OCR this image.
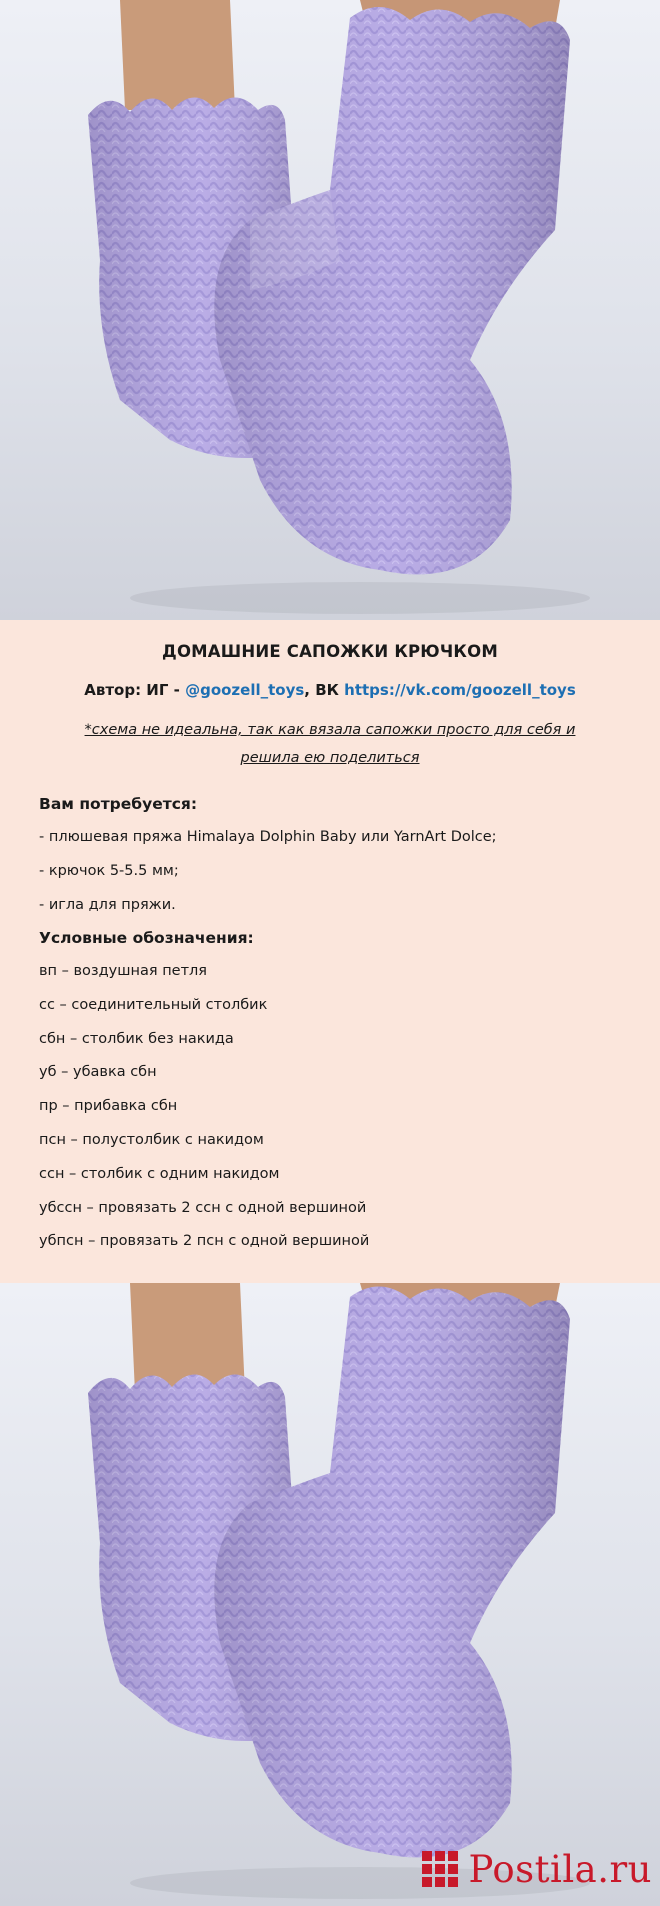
ДОМАШНИЕ САПОЖКИ КРЮЧКОМ
Автор: ИГ - @goozell_toys, ВК https://vk.com/goozell_toys
*схема не идеальна, так как вязала сапожки просто для себя и
решила ею поделиться
Вам потребуется:
- плюшевая пряжа Himalaya Dolphin Baby или YarnArt Dolce;
- крючок 5-5.5 мм;
- игла для пряжи.
Условные обозначения:
вп – воздушная петля
сс – соединительный столбик
сбн – столбик без накида
уб – убавка сбн
пр – прибавка сбн
псн – полустолбик с накидом
ссн – столбик с одним накидом
убссн – провязать 2 ссн с одной вершиной
убпсн – провязать 2 псн с одной вершиной
Postila.ru
